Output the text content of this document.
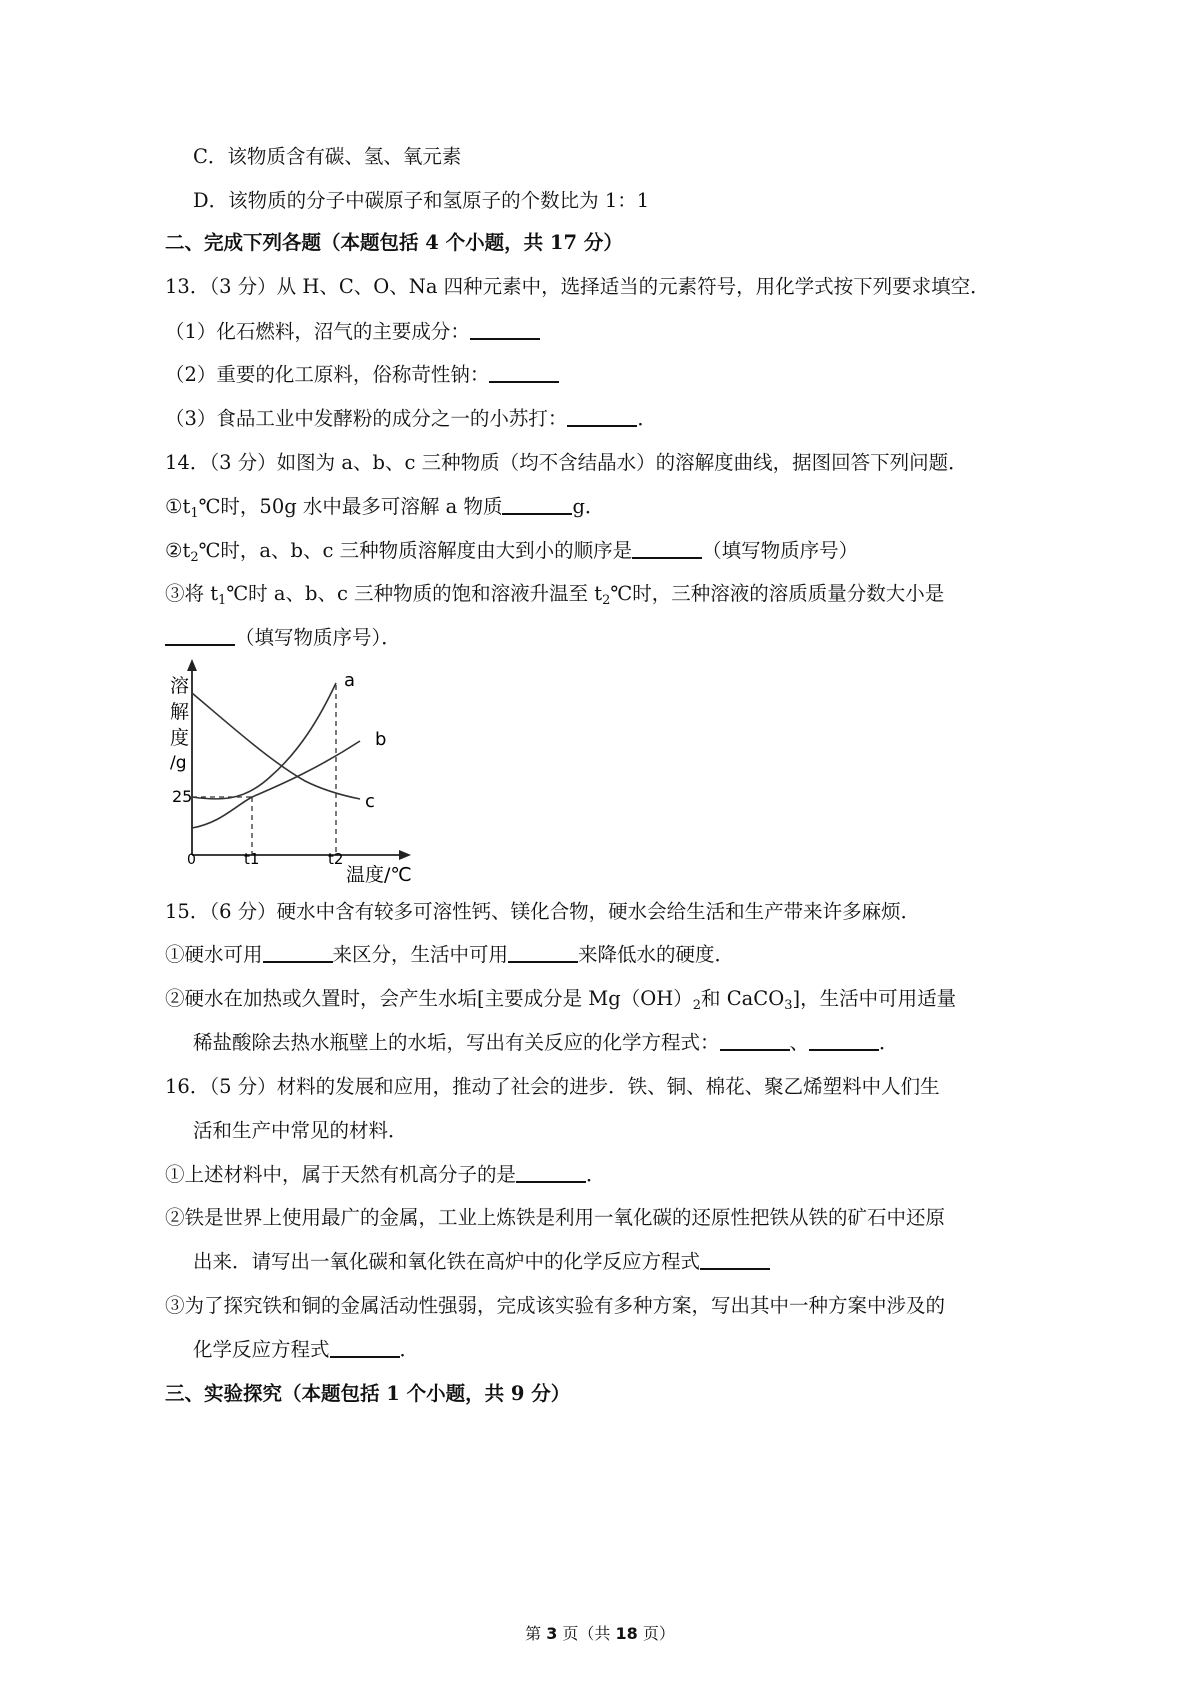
C．该物质含有碳、氢、氧元素
D．该物质的分子中碳原子和氢原子的个数比为 1：1
二、完成下列各题（本题包括 4 个小题，共 17 分）
13．（3 分）从 H、C、O、Na 四种元素中，选择适当的元素符号，用化学式按下列要求填空．
（1）化石燃料，沼气的主要成分：
（2）重要的化工原料，俗称苛性钠：
（3）食品工业中发酵粉的成分之一的小苏打：	．
14．（3 分）如图为 a、b、c 三种物质（均不含结晶水）的溶解度曲线，据图回答下列问题．
$①t_1℃$时，50g 水中最多可溶解 a 物质	g．
$②t_2℃$时，a、b、c 三种物质溶解度由大到小的顺序是	（填写物质序号）
③将 $t_1℃$时 a、b、c 三种物质的饱和溶液升温至 $t_2℃$时，三种溶液的溶质质量分数大小是
（填写物质序号）．
溶
解
度
/g
25
0	t1	t2
温度/℃
a
b
c
15．（6 分）硬水中含有较多可溶性钙、镁化合物，硬水会给生活和生产带来许多麻烦．
①硬水可用	来区分，生活中可用	来降低水的硬度．
②硬水在加热或久置时，会产生水垢[主要成分是 $Mg(OH)_2$和 CaCO$_3$]，生活中可用适量
稀盐酸除去热水瓶壁上的水垢，写出有关反应的化学方程式：	、	．
16．（5 分）材料的发展和应用，推动了社会的进步．铁、铜、棉花、聚乙烯塑料中人们生
活和生产中常见的材料．
①上述材料中，属于天然有机高分子的是	．
②铁是世界上使用最广的金属，工业上炼铁是利用一氧化碳的还原性把铁从铁的矿石中还原
出来．请写出一氧化碳和氧化铁在高炉中的化学反应方程式
③为了探究铁和铜的金属活动性强弱，完成该实验有多种方案，写出其中一种方案中涉及的
化学反应方程式	．
三、实验探究（本题包括 1 个小题，共 9 分）
第 3 页（共 18 页）
